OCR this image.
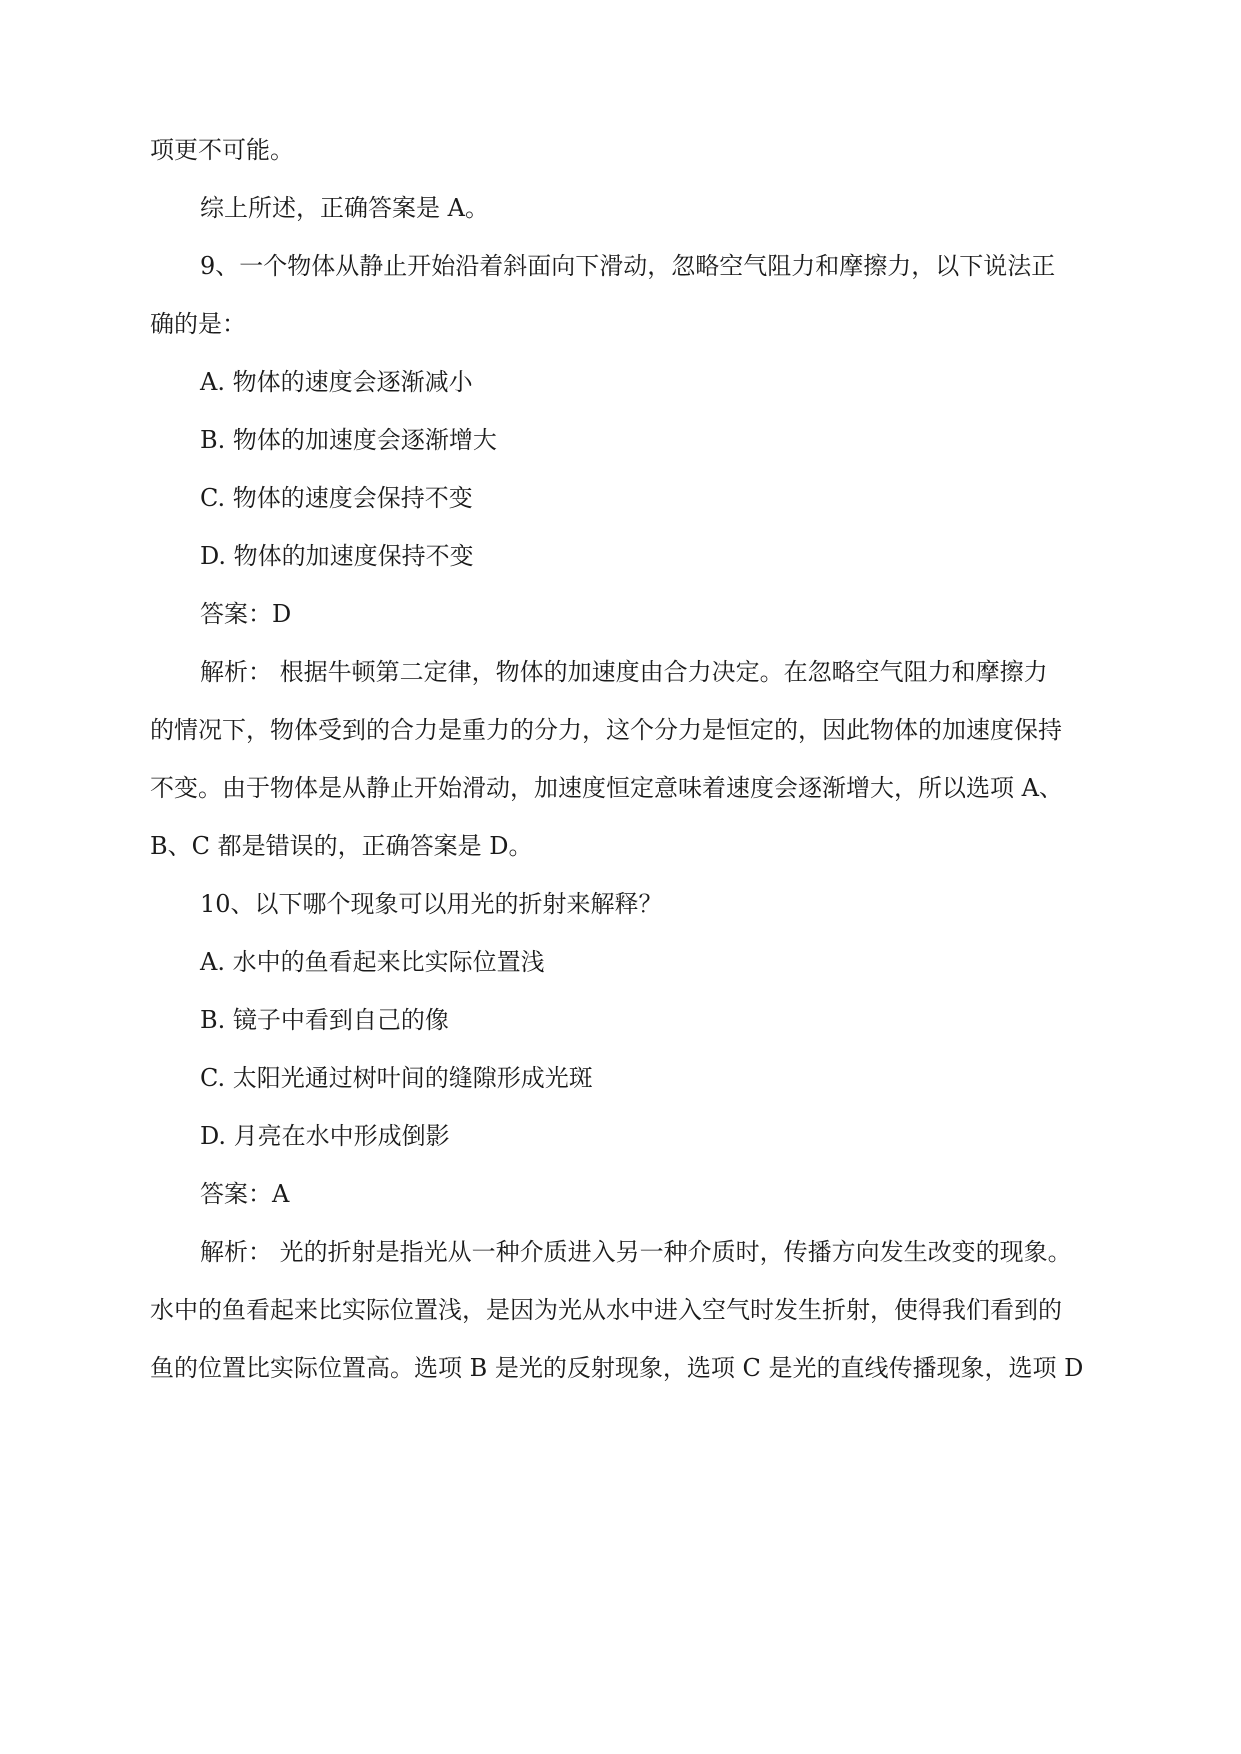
项更不可能。
综上所述，正确答案是 A。
9、一个物体从静止开始沿着斜面向下滑动，忽略空气阻力和摩擦力，以下说法正
确的是：
A. 物体的速度会逐渐减小
B. 物体的加速度会逐渐增大
C. 物体的速度会保持不变
D. 物体的加速度保持不变
答案：D
解析： 根据牛顿第二定律，物体的加速度由合力决定。在忽略空气阻力和摩擦力
的情况下，物体受到的合力是重力的分力，这个分力是恒定的，因此物体的加速度保持
不变。由于物体是从静止开始滑动，加速度恒定意味着速度会逐渐增大，所以选项 A、
B、C 都是错误的，正确答案是 D。
10、以下哪个现象可以用光的折射来解释？
A. 水中的鱼看起来比实际位置浅
B. 镜子中看到自己的像
C. 太阳光通过树叶间的缝隙形成光斑
D. 月亮在水中形成倒影
答案：A
解析： 光的折射是指光从一种介质进入另一种介质时，传播方向发生改变的现象。
水中的鱼看起来比实际位置浅，是因为光从水中进入空气时发生折射，使得我们看到的
鱼的位置比实际位置高。选项 B 是光的反射现象，选项 C 是光的直线传播现象，选项 D
